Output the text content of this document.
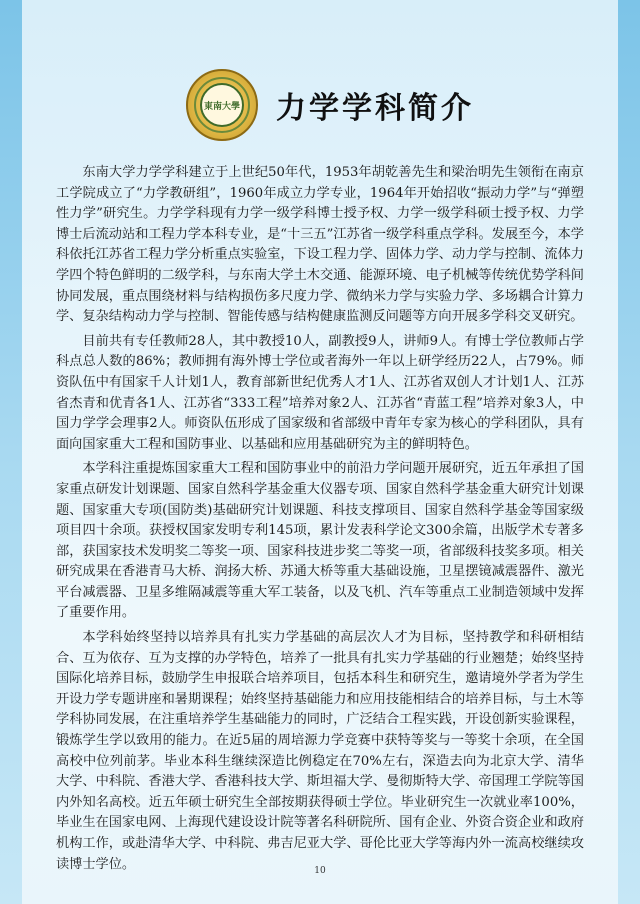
東南大學 力学学科简介

东南大学力学学科建立于上世纪50年代，1953年胡乾善先生和梁治明先生领衔在南京工学院成立了“力学教研组”，1960年成立力学专业，1964年开始招收“振动力学”与“弹塑性力学”研究生。力学学科现有力学一级学科博士授予权、力学一级学科硕士授予权、力学博士后流动站和工程力学本科专业，是“十三五”江苏省一级学科重点学科。发展至今，本学科依托江苏省工程力学分析重点实验室，下设工程力学、固体力学、动力学与控制、流体力学四个特色鲜明的二级学科，与东南大学土木交通、能源环境、电子机械等传统优势学科间协同发展，重点围绕材料与结构损伤多尺度力学、微纳米力学与实验力学、多场耦合计算力学、复杂结构动力学与控制、智能传感与结构健康监测反问题等方向开展多学科交叉研究。

目前共有专任教师28人，其中教授10人，副教授9人，讲师9人。有博士学位教师占学科点总人数的86%；教师拥有海外博士学位或者海外一年以上研学经历22人，占79%。师资队伍中有国家千人计划1人，教育部新世纪优秀人才1人、江苏省双创人才计划1人、江苏省杰青和优青各1人、江苏省“333工程”培养对象2人、江苏省“青蓝工程”培养对象3人，中国力学学会理事2人。师资队伍形成了国家级和省部级中青年专家为核心的学科团队，具有面向国家重大工程和国防事业、以基础和应用基础研究为主的鲜明特色。

本学科注重提炼国家重大工程和国防事业中的前沿力学问题开展研究，近五年承担了国家重点研发计划课题、国家自然科学基金重大仪器专项、国家自然科学基金重大研究计划课题、国家重大专项(国防类)基础研究计划课题、科技支撑项目、国家自然科学基金等国家级项目四十余项。获授权国家发明专利145项，累计发表科学论文300余篇，出版学术专著多部，获国家技术发明奖二等奖一项、国家科技进步奖二等奖一项，省部级科技奖多项。相关研究成果在香港青马大桥、润扬大桥、苏通大桥等重大基础设施，卫星摆镜减震器件、激光平台减震器、卫星多维隔减震等重大军工装备，以及飞机、汽车等重点工业制造领域中发挥了重要作用。

本学科始终坚持以培养具有扎实力学基础的高层次人才为目标，坚持教学和科研相结合、互为依存、互为支撑的办学特色，培养了一批具有扎实力学基础的行业翘楚；始终坚持国际化培养目标，鼓励学生申报联合培养项目，包括本科生和研究生，邀请境外学者为学生开设力学专题讲座和暑期课程；始终坚持基础能力和应用技能相结合的培养目标，与土木等学科协同发展，在注重培养学生基础能力的同时，广泛结合工程实践，开设创新实验课程，锻炼学生学以致用的能力。在近5届的周培源力学竞赛中获特等奖与一等奖十余项，在全国高校中位列前茅。毕业本科生继续深造比例稳定在70%左右，深造去向为北京大学、清华大学、中科院、香港大学、香港科技大学、斯坦福大学、曼彻斯特大学、帝国理工学院等国内外知名高校。近五年硕士研究生全部按期获得硕士学位。毕业研究生一次就业率100%，毕业生在国家电网、上海现代建设设计院等著名科研院所、国有企业、外资合资企业和政府机构工作，或赴清华大学、中科院、弗吉尼亚大学、哥伦比亚大学等海内外一流高校继续攻读博士学位。	10
